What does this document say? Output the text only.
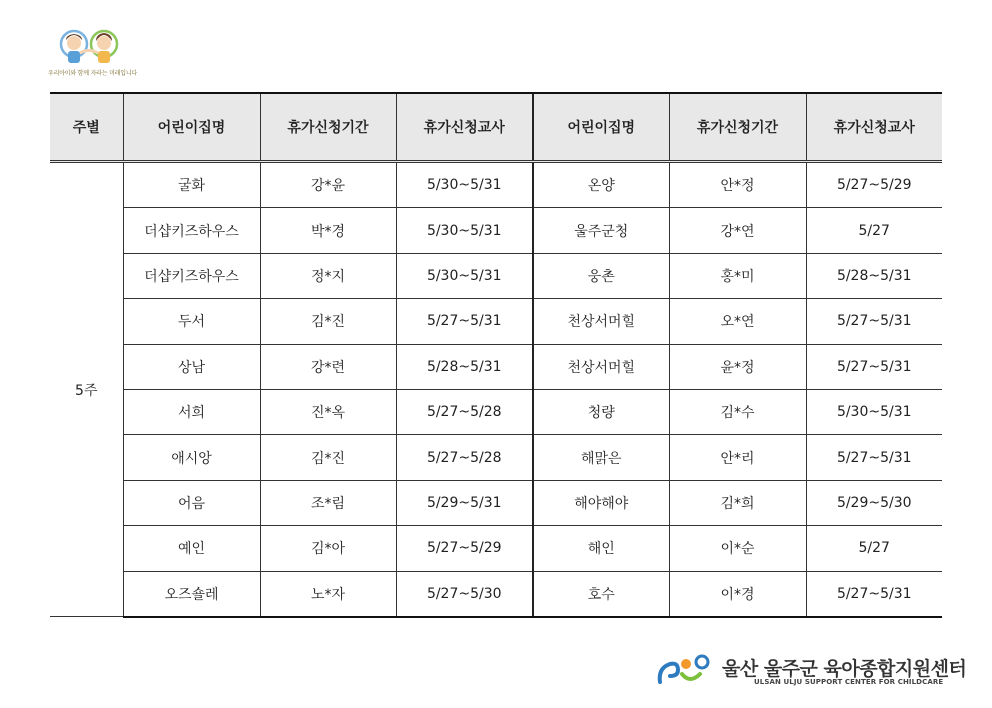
우리아이와 함께 자라는 미래입니다
주별	어린이집명	휴가신청기간	휴가신청교사	어린이집명	휴가신청기간	휴가신청교사
5주	굴화	강*윤	5/30~5/31	온양	안*정	5/27~5/29
	더샵키즈하우스	박*경	5/30~5/31	울주군청	강*연	5/27
	더샵키즈하우스	정*지	5/30~5/31	웅촌	홍*미	5/28~5/31
	두서	김*진	5/27~5/31	천상서머힐	오*연	5/27~5/31
	상남	강*련	5/28~5/31	천상서머힐	윤*정	5/27~5/31
	서희	진*옥	5/27~5/28	청량	김*수	5/30~5/31
	애시앙	김*진	5/27~5/28	해맑은	안*리	5/27~5/31
	어음	조*림	5/29~5/31	해야해야	김*희	5/29~5/30
	예인	김*아	5/27~5/29	해인	이*순	5/27
	오즈숄레	노*자	5/27~5/30	호수	이*경	5/27~5/31
울산 울주군 육아종합지원센터
ULSAN ULJU SUPPORT CENTER FOR CHILDCARE
